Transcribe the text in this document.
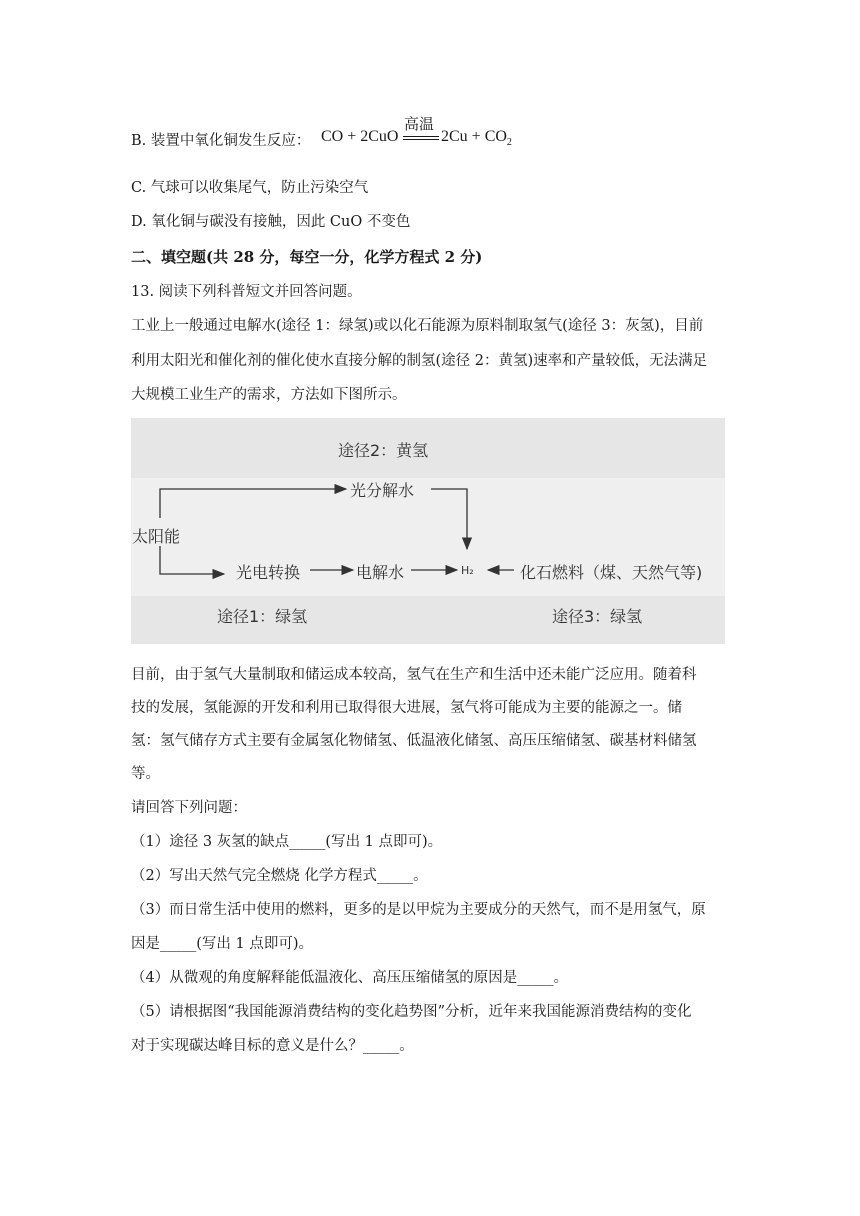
B. 装置中氧化铜发生反应： CO + 2CuO
高温
$2Cu + CO_2$
C. 气球可以收集尾气，防止污染空气
D. 氧化铜与碳没有接触，因此 CuO 不变色
二、填空题(共 28 分，每空一分，化学方程式 2 分)
13. 阅读下列科普短文并回答问题。
工业上一般通过电解水(途径 1：绿氢)或以化石能源为原料制取氢气(途径 3：灰氢)，目前
利用太阳光和催化剂的催化使水直接分解的制氢(途径 2：黄氢)速率和产量较低，无法满足
大规模工业生产的需求，方法如下图所示。
途径2：黄氢
光分解水
太阳能
光电转换	电解水	H₂	化石燃料（煤、天然气等)
途径1：绿氢	途径3：绿氢
目前，由于氢气大量制取和储运成本较高，氢气在生产和生活中还未能广泛应用。随着科
技的发展，氢能源的开发和利用已取得很大进展，氢气将可能成为主要的能源之一。储
氢：氢气储存方式主要有金属氢化物储氢、低温液化储氢、高压压缩储氢、碳基材料储氢
等。
请回答下列问题：
（1）途径 3 灰氢的缺点_____(写出 1 点即可)。
（2）写出天然气完全燃烧 化学方程式_____。
（3）而日常生活中使用的燃料，更多的是以甲烷为主要成分的天然气，而不是用氢气，原
因是_____(写出 1 点即可)。
（4）从微观的角度解释能低温液化、高压压缩储氢的原因是_____。
（5）请根据图“我国能源消费结构的变化趋势图”分析，近年来我国能源消费结构的变化
对于实现碳达峰目标的意义是什么？_____。
